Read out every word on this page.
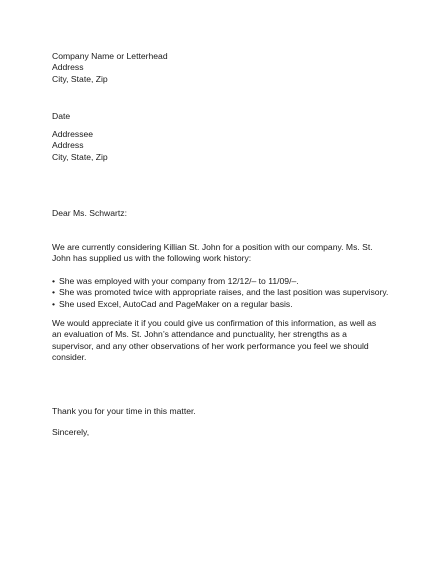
Company Name or Letterhead
Address
City, State, Zip
Date
Addressee
Address
City, State, Zip
Dear Ms. Schwartz:
We are currently considering Killian St. John for a position with our company. Ms. St.
John has supplied us with the following work history:
• She was employed with your company from 12/12/– to 11/09/–.
• She was promoted twice with appropriate raises, and the last position was supervisory.
• She used Excel, AutoCad and PageMaker on a regular basis.
We would appreciate it if you could give us confirmation of this information, as well as
an evaluation of Ms. St. John’s attendance and punctuality, her strengths as a
supervisor, and any other observations of her work performance you feel we should
consider.
Thank you for your time in this matter.
Sincerely,
